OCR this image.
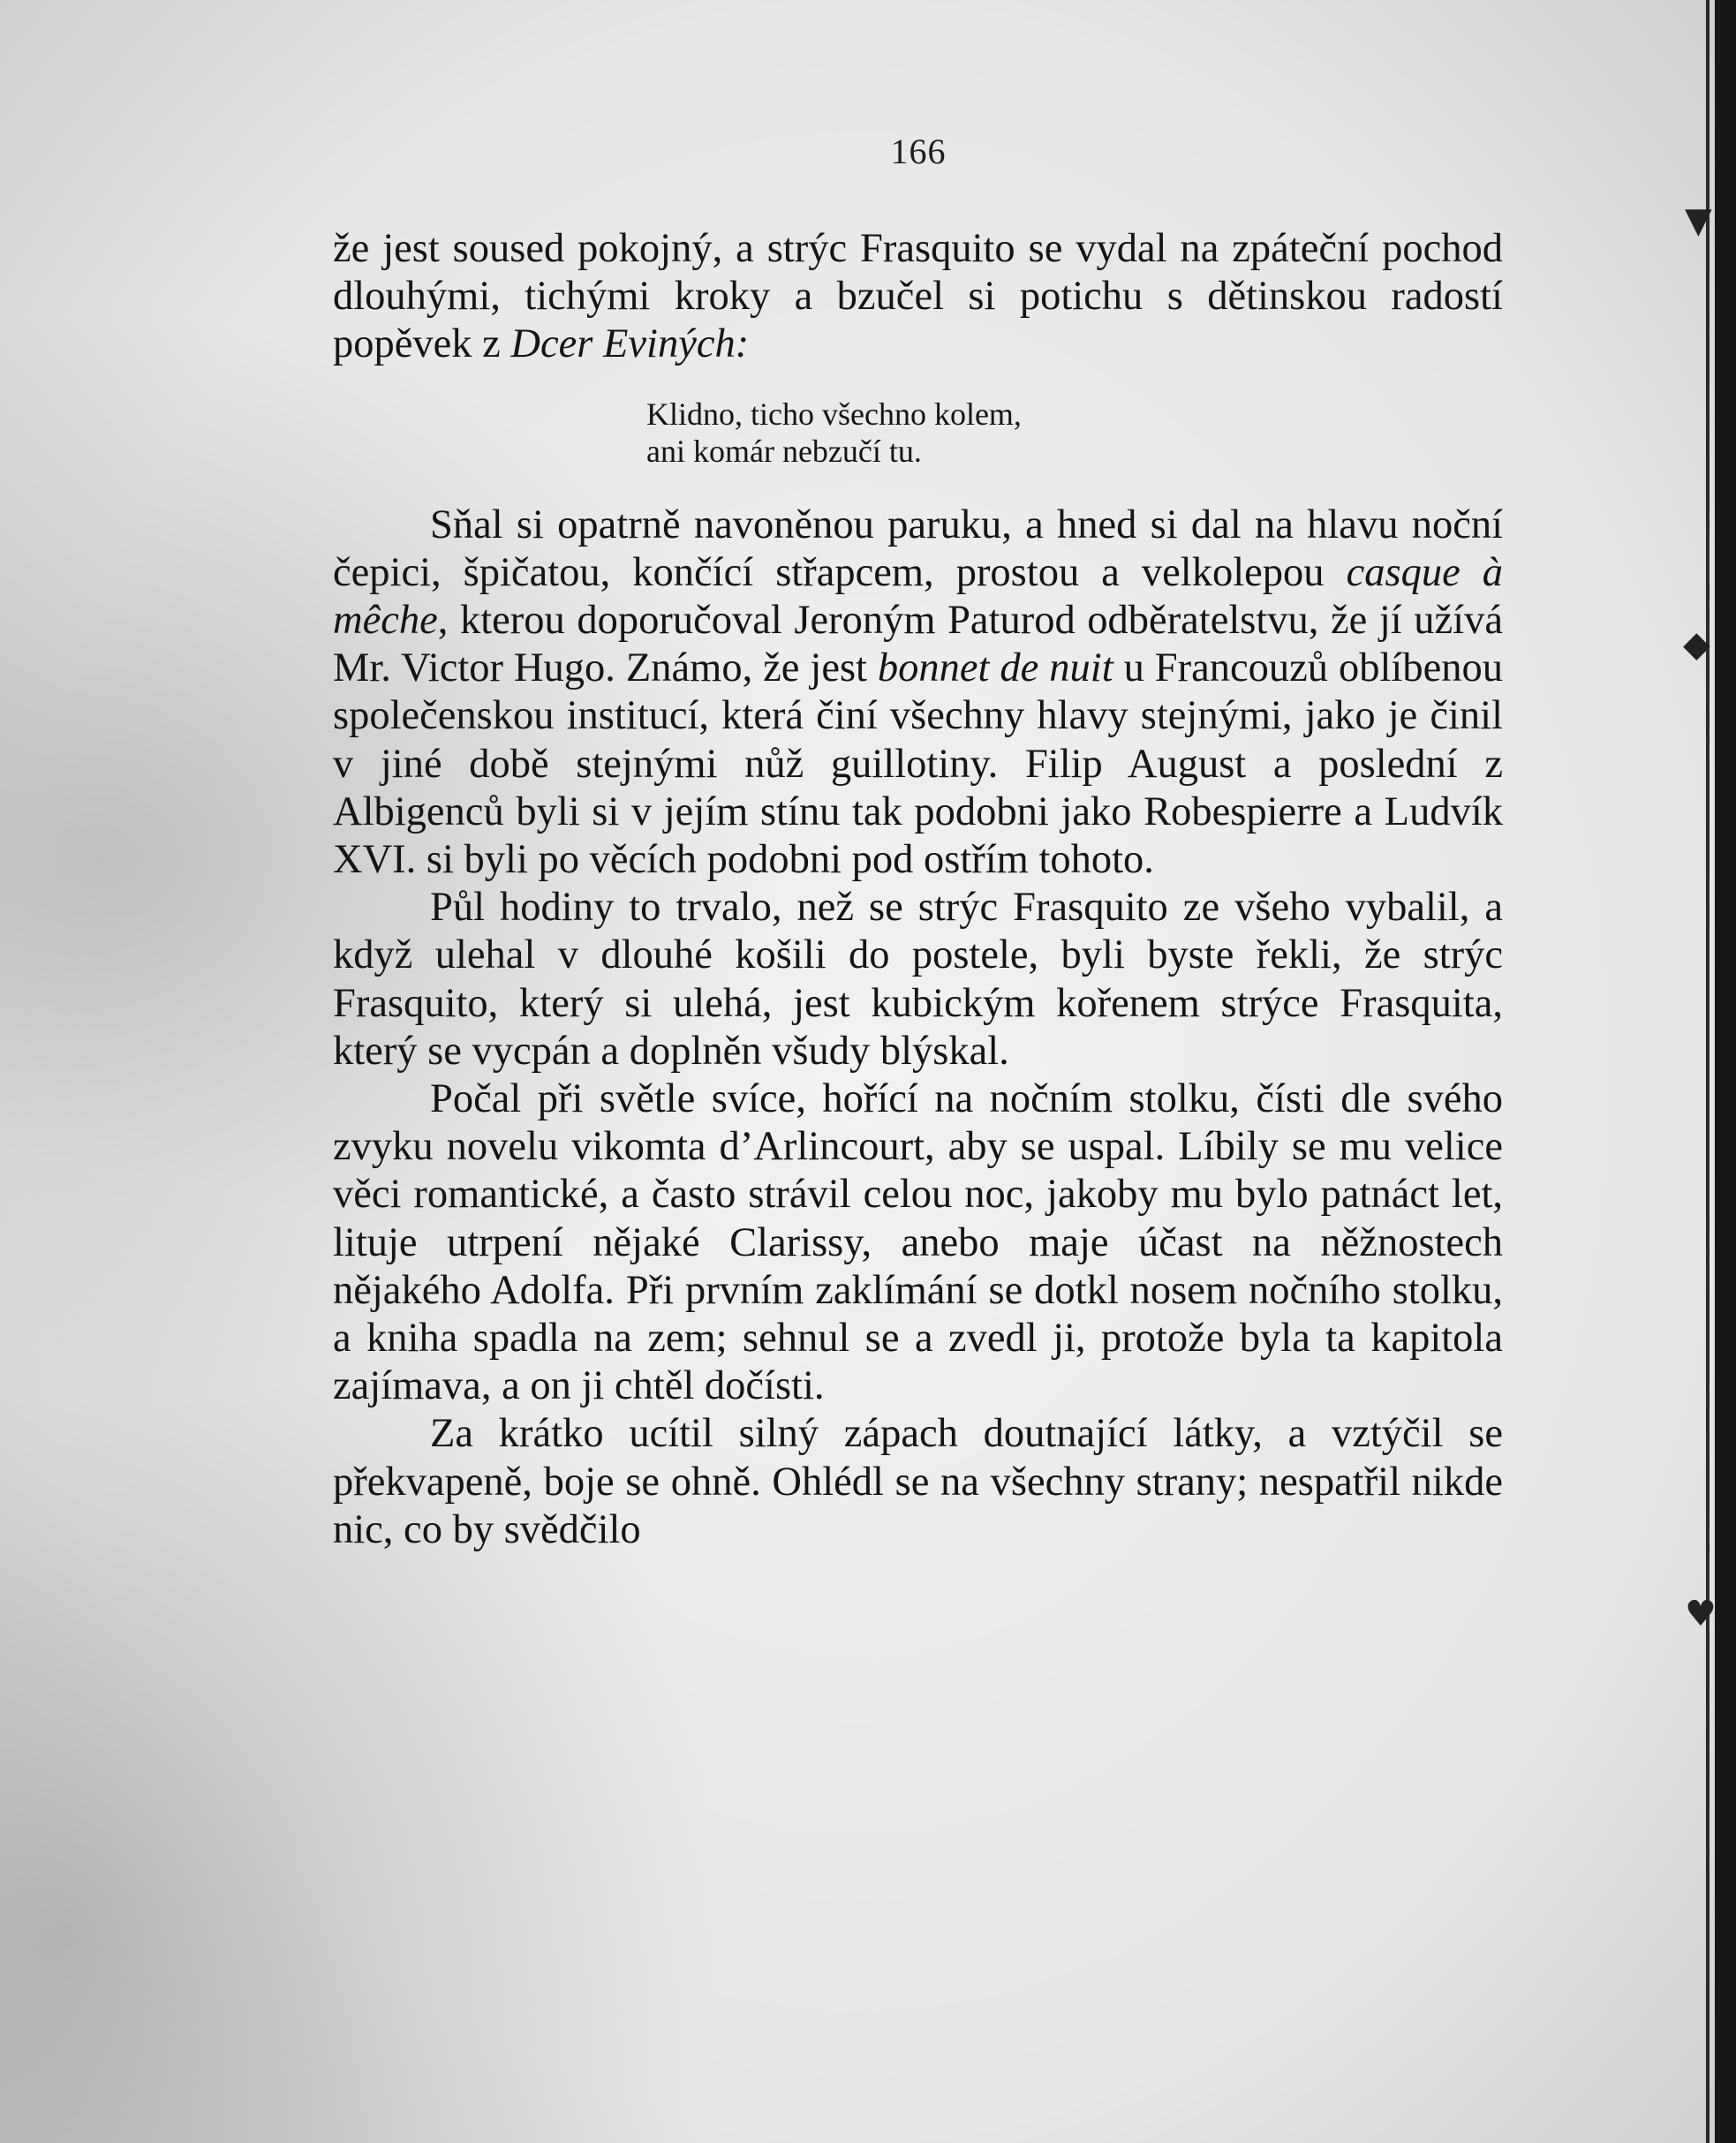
▼
◆
♥
166

že jest soused pokojný, a strýc Frasquito se vydal na zpáteční pochod dlouhými, tichými kroky a bzučel si potichu s dětinskou radostí popěvek z Dcer Eviných:

Klidno, ticho všechno kolem,
ani komár nebzučí tu.

Sňal si opatrně navoněnou paruku, a hned si dal na hlavu noční čepici, špičatou, končící střapcem, prostou a velkolepou casque à mêche, kterou doporučoval Jeroným Paturod odběratelstvu, že jí užívá Mr. Victor Hugo. Známo, že jest bonnet de nuit u Francouzů oblíbenou společenskou institucí, která činí všechny hlavy stejnými, jako je činil v jiné době stejnými nůž guillotiny. Filip August a poslední z Albigenců byli si v jejím stínu tak podobni jako Robespierre a Ludvík XVI. si byli po věcích podobni pod ostřím tohoto.

Půl hodiny to trvalo, než se strýc Frasquito ze všeho vybalil, a když ulehal v dlouhé košili do postele, byli byste řekli, že strýc Frasquito, který si ulehá, jest kubickým kořenem strýce Frasquita, který se vycpán a doplněn všudy blýskal.

Počal při světle svíce, hořící na nočním stolku, čísti dle svého zvyku novelu vikomta d’Arlincourt, aby se uspal. Líbily se mu velice věci romantické, a často strávil celou noc, jakoby mu bylo patnáct let, lituje utrpení nějaké Clarissy, anebo maje účast na něžnostech nějakého Adolfa. Při prvním zaklímání se dotkl nosem nočního stolku, a kniha spadla na zem; sehnul se a zvedl ji, protože byla ta kapitola zajímava, a on ji chtěl dočísti.

Za krátko ucítil silný zápach doutnající látky, a vztýčil se překvapeně, boje se ohně. Ohlédl se na všechny strany; nespatřil nikde nic, co by svědčilo
